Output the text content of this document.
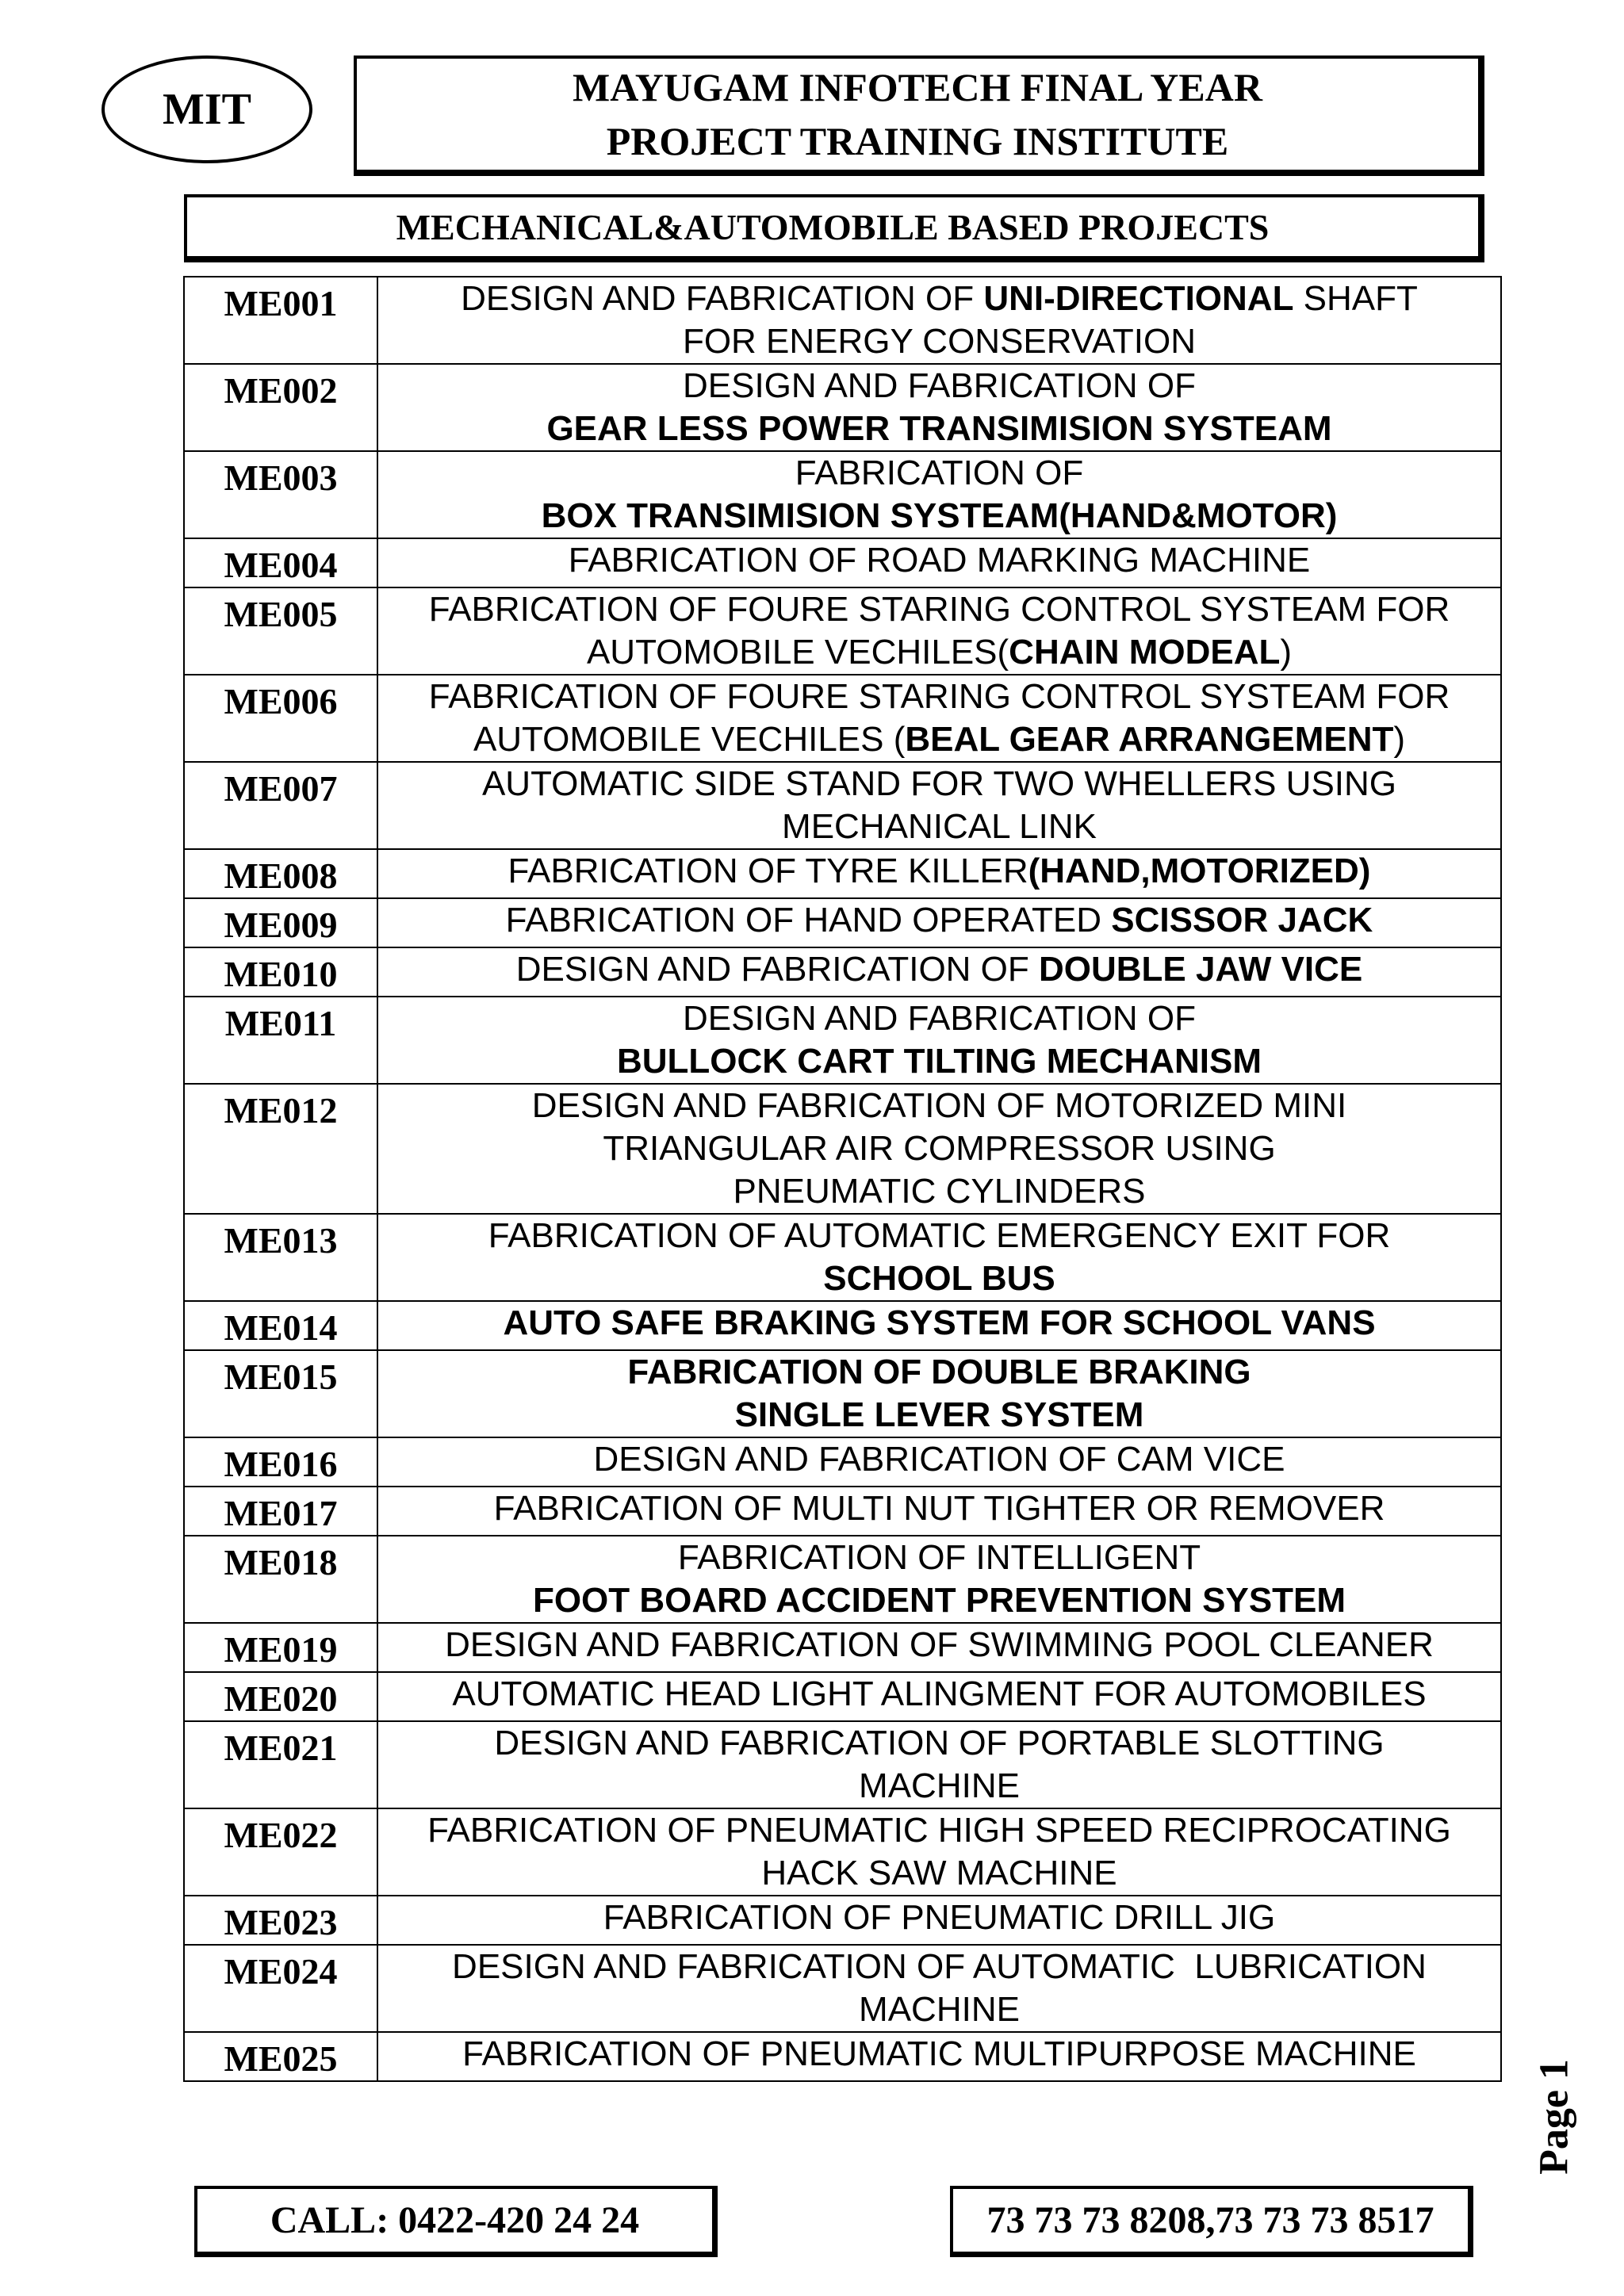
MIT	MAYUGAM INFOTECH FINAL YEAR
PROJECT TRAINING INSTITUTE
MECHANICAL&AUTOMOBILE BASED PROJECTS
ME001	DESIGN AND FABRICATION OF UNI-DIRECTIONAL SHAFT
FOR ENERGY CONSERVATION

ME002	DESIGN AND FABRICATION OF
GEAR LESS POWER TRANSIMISION SYSTEAM

ME003	FABRICATION OF
BOX TRANSIMISION SYSTEAM(HAND&MOTOR)

ME004	FABRICATION OF ROAD MARKING MACHINE

ME005	FABRICATION OF FOURE STARING CONTROL SYSTEAM FOR
AUTOMOBILE VECHILES(CHAIN MODEAL)

ME006	FABRICATION OF FOURE STARING CONTROL SYSTEAM FOR
AUTOMOBILE VECHILES (BEAL GEAR ARRANGEMENT)

ME007	AUTOMATIC SIDE STAND FOR TWO WHELLERS USING
MECHANICAL LINK

ME008	FABRICATION OF TYRE KILLER(HAND,MOTORIZED)

ME009	FABRICATION OF HAND OPERATED SCISSOR JACK

ME010	DESIGN AND FABRICATION OF DOUBLE JAW VICE

ME011	DESIGN AND FABRICATION OF
BULLOCK CART TILTING MECHANISM

ME012	DESIGN AND FABRICATION OF MOTORIZED MINI
TRIANGULAR AIR COMPRESSOR USING
PNEUMATIC CYLINDERS

ME013	FABRICATION OF AUTOMATIC EMERGENCY EXIT FOR
SCHOOL BUS

ME014	AUTO SAFE BRAKING SYSTEM FOR SCHOOL VANS

ME015	FABRICATION OF DOUBLE BRAKING
SINGLE LEVER SYSTEM

ME016	DESIGN AND FABRICATION OF CAM VICE

ME017	FABRICATION OF MULTI NUT TIGHTER OR REMOVER

ME018	FABRICATION OF INTELLIGENT
FOOT BOARD ACCIDENT PREVENTION SYSTEM

ME019	DESIGN AND FABRICATION OF SWIMMING POOL CLEANER

ME020	AUTOMATIC HEAD LIGHT ALINGMENT FOR AUTOMOBILES

ME021	DESIGN AND FABRICATION OF PORTABLE SLOTTING
MACHINE

ME022	FABRICATION OF PNEUMATIC HIGH SPEED RECIPROCATING
HACK SAW MACHINE

ME023	FABRICATION OF PNEUMATIC DRILL JIG

ME024	DESIGN AND FABRICATION OF AUTOMATIC  LUBRICATION
MACHINE

ME025	FABRICATION OF PNEUMATIC MULTIPURPOSE MACHINE
Page 1
CALL: 0422-420 24 24	73 73 73 8208,73 73 73 8517
